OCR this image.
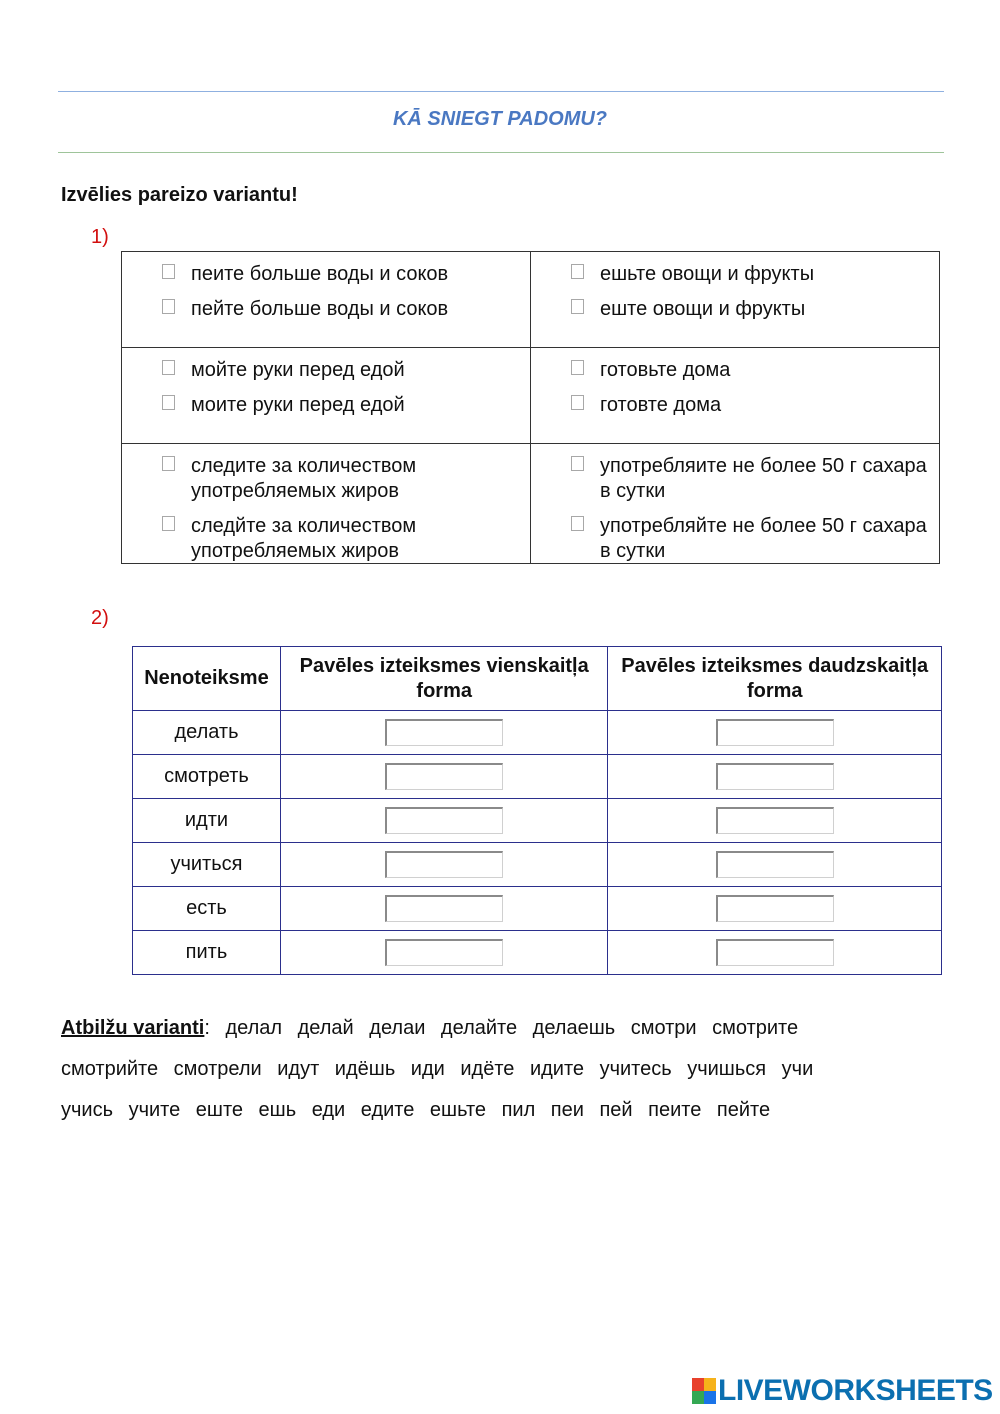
KĀ SNIEGT PADOMU?
Izvēlies pareizo variantu!
1)
пеите больше воды и соков
пейте больше воды и соков
ешьте овощи и фрукты
еште овощи и фрукты
мойте руки перед едой
моите руки перед едой
готовьте дома
готовте дома
следите за количеством употребляемых жиров
следйте за количеством употребляемых жиров
употребляите не более 50 г сахара в сутки
употребляйте не более 50 г сахара в сутки
2)
Nenoteiksme	Pavēles izteiksmes vienskaitļa forma	Pavēles izteiksmes daudzskaitļa forma
делать		
смотреть		
идти		
учиться		
есть		
пить		
Atbilžu varianti: делал делай делаи делайте делаешь смотри смотрите
смотрийте смотрели идут идёшь иди идёте идите учитесь учишься учи
учись учите еште ешь еди едите ешьте пил пеи пей пеите пейте
LIVEWORKSHEETS
